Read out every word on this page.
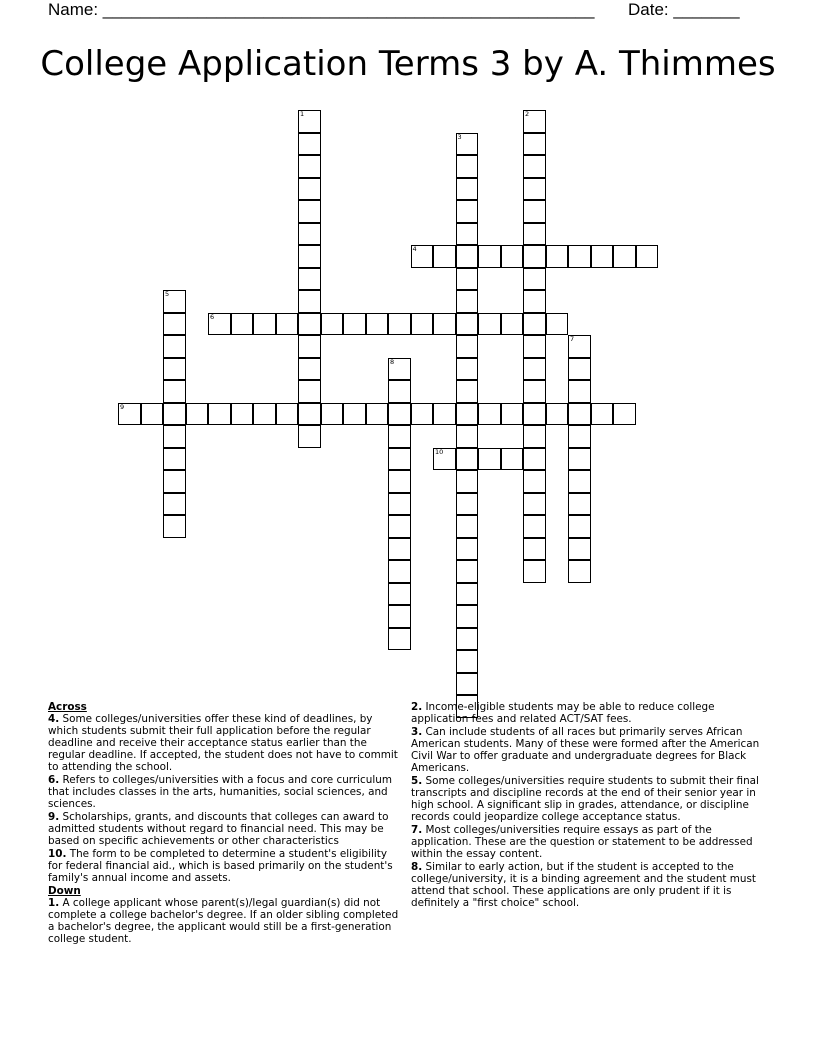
Name: ____________________________________________________ Date: _______
College Application Terms 3 by A. Thimmes
1	2
3
4
5
6
7
8
9
10
Across
4. Some colleges/universities offer these kind of deadlines, by which students submit their full application before the regular deadline and receive their acceptance status earlier than the regular deadline. If accepted, the student does not have to commit to attending the school.
6. Refers to colleges/universities with a focus and core curriculum that includes classes in the arts, humanities, social sciences, and sciences.
9. Scholarships, grants, and discounts that colleges can award to admitted students without regard to financial need. This may be based on specific achievements or other characteristics
10. The form to be completed to determine a student's eligibility for federal financial aid., which is based primarily on the student's family's annual income and assets.
Down
1. A college applicant whose parent(s)/legal guardian(s) did not complete a college bachelor's degree. If an older sibling completed a bachelor's degree, the applicant would still be a first-generation college student.
2. Income-eligible students may be able to reduce college application fees and related ACT/SAT fees.
3. Can include students of all races but primarily serves African American students. Many of these were formed after the American Civil War to offer graduate and undergraduate degrees for Black Americans.
5. Some colleges/universities require students to submit their final transcripts and discipline records at the end of their senior year in high school. A significant slip in grades, attendance, or discipline records could jeopardize college acceptance status.
7. Most colleges/universities require essays as part of the application. These are the question or statement to be addressed within the essay content.
8. Similar to early action, but if the student is accepted to the college/university, it is a binding agreement and the student must attend that school. These applications are only prudent if it is definitely a "first choice" school.
